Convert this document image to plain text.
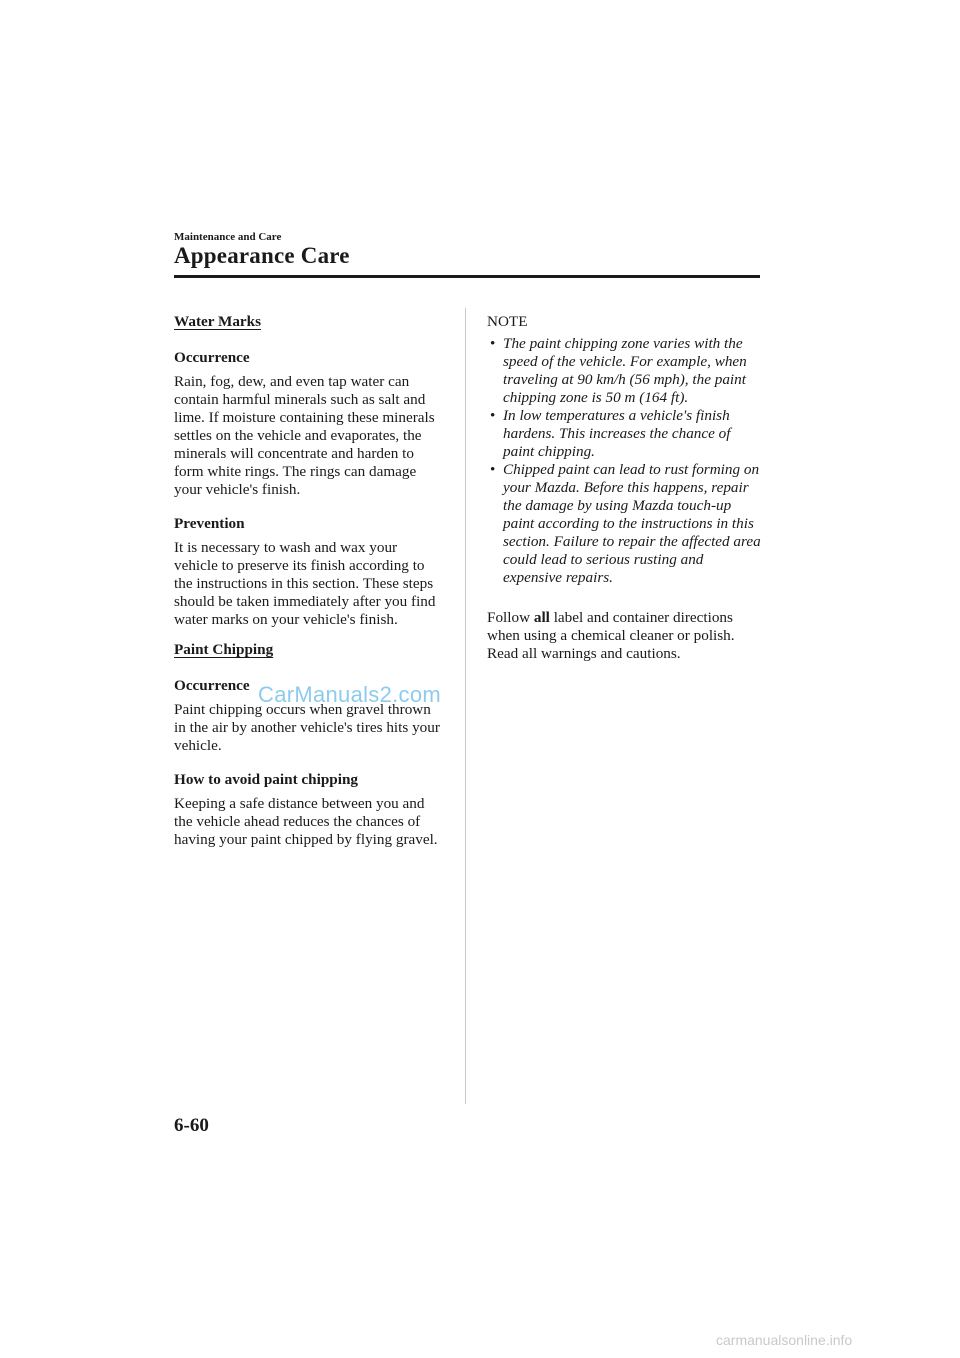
Maintenance and Care
Appearance Care

Water Marks

Occurrence

Rain, fog, dew, and even tap water can contain harmful minerals such as salt and lime. If moisture containing these minerals settles on the vehicle and evaporates, the minerals will concentrate and harden to form white rings. The rings can damage your vehicle's finish.

Prevention

It is necessary to wash and wax your vehicle to preserve its finish according to the instructions in this section. These steps should be taken immediately after you find water marks on your vehicle's finish.

Paint Chipping

Occurrence

Paint chipping occurs when gravel thrown in the air by another vehicle's tires hits your vehicle.

How to avoid paint chipping

Keeping a safe distance between you and the vehicle ahead reduces the chances of having your paint chipped by flying gravel.

NOTE

• The paint chipping zone varies with the speed of the vehicle. For example, when traveling at 90 km/h (56 mph), the paint chipping zone is 50 m (164 ft).
• In low temperatures a vehicle's finish hardens. This increases the chance of paint chipping.
• Chipped paint can lead to rust forming on your Mazda. Before this happens, repair the damage by using Mazda touch-up paint according to the instructions in this section. Failure to repair the affected area could lead to serious rusting and expensive repairs.

Follow all label and container directions when using a chemical cleaner or polish. Read all warnings and cautions.

CarManuals2.com
6-60
carmanualsonline.info
